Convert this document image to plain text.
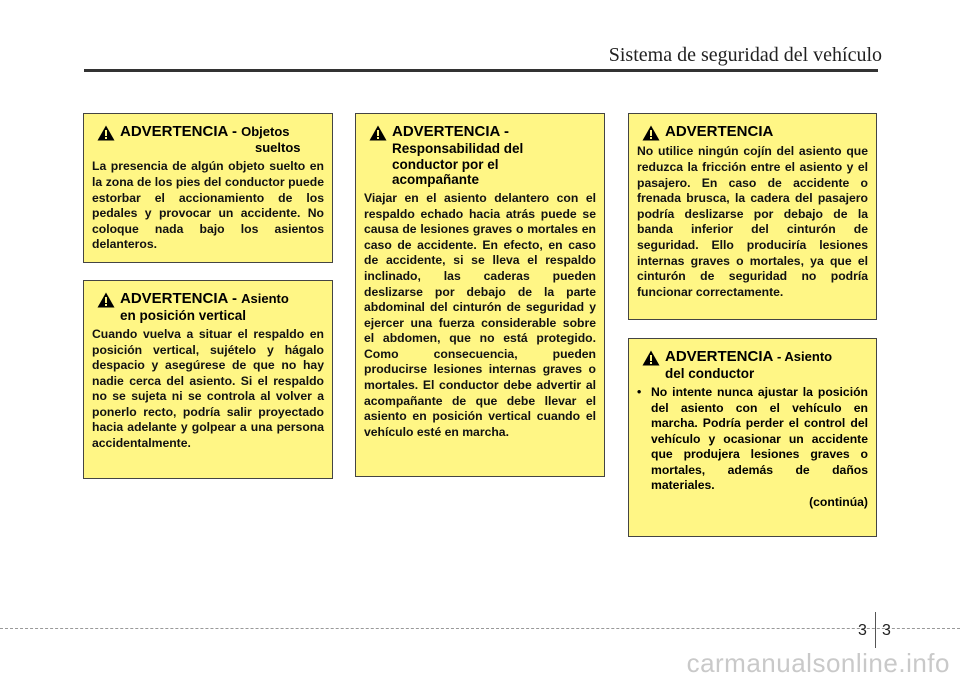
Sistema de seguridad del vehículo
ADVERTENCIA - Objetos
sueltos
La presencia de algún objeto suelto en la zona de los pies del conductor puede estorbar el accionamiento de los pedales y provocar un accidente. No coloque nada bajo los asientos delanteros.
ADVERTENCIA - Asiento
en posición vertical
Cuando vuelva a situar el respaldo en posición vertical, sujételo y hágalo despacio y asegúrese de que no hay nadie cerca del asiento. Si el respaldo no se sujeta ni se controla al volver a ponerlo recto, podría salir proyectado hacia adelante y golpear a una persona accidentalmente.
ADVERTENCIA -
Responsabilidad del
conductor por el
acompañante
Viajar en el asiento delantero con el respaldo echado hacia atrás puede se causa de lesiones graves o mortales en caso de accidente. En efecto, en caso de accidente, si se lleva el respaldo inclinado, las caderas pueden deslizarse por debajo de la parte abdominal del cinturón de seguridad y ejercer una fuerza considerable sobre el abdomen, que no está protegido. Como consecuencia, pueden producirse lesiones internas graves o mortales. El conductor debe advertir al acompañante de que debe llevar el asiento en posición vertical cuando el vehículo esté en marcha.
ADVERTENCIA
No utilice ningún cojín del asiento que reduzca la fricción entre el asiento y el pasajero. En caso de accidente o frenada brusca, la cadera del pasajero podría deslizarse por debajo de la banda inferior del cinturón de seguridad. Ello produciría lesiones internas graves o mortales, ya que el cinturón de seguridad no podría funcionar correctamente.
ADVERTENCIA - Asiento
del conductor
• No intente nunca ajustar la posición del asiento con el vehículo en marcha. Podría perder el control del vehículo y ocasionar un accidente que produjera lesiones graves o mortales, además de daños materiales.
(continúa)
3 3
carmanualsonline.info
